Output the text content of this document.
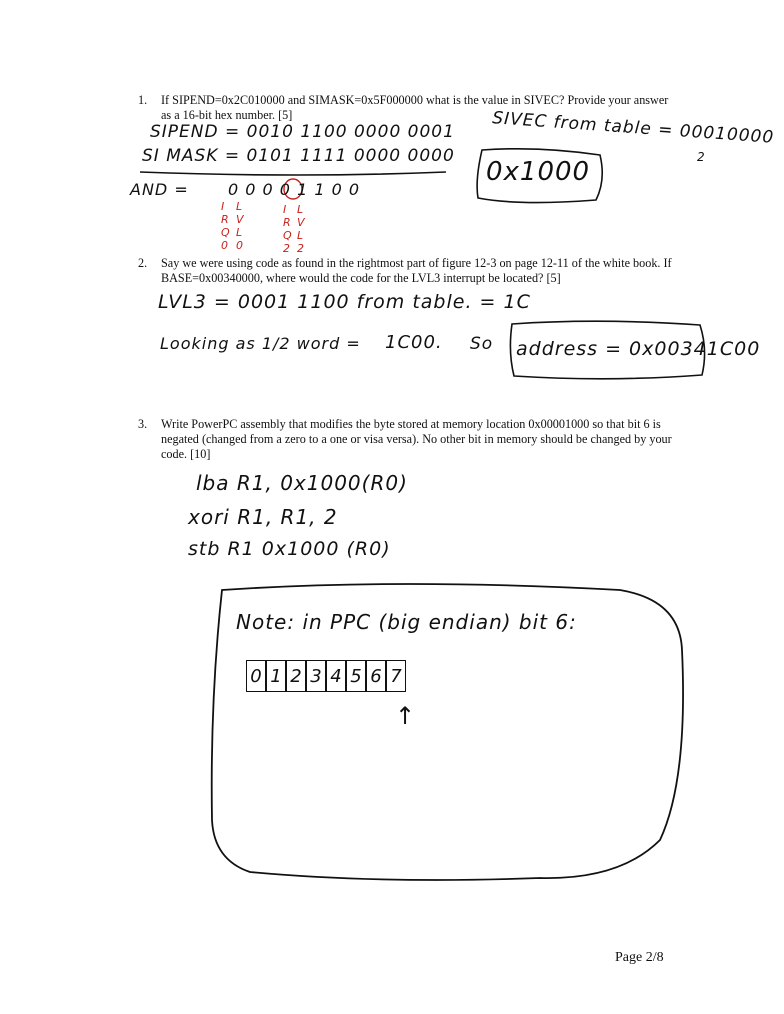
1. If SIPEND=0x2C010000 and SIMASK=0x5F000000 what is the value in SIVEC? Provide your answer as a 16-bit hex number. [5]
2. Say we were using code as found in the rightmost part of figure 12-3 on page 12-11 of the white book. If BASE=0x00340000, where would the code for the LVL3 interrupt be located? [5]
3. Write PowerPC assembly that modifies the byte stored at memory location 0x00001000 so that bit 6 is negated (changed from a zero to a one or visa versa). No other bit in memory should be changed by your code. [10]
SIPEND = 0010 1100 0000 0001
SI MASK = 0101 1111 0000 0000
AND = 0 0 0 0 1 1 0 0
SIVEC from table = 00010000
2
0x1000
I
R
Q
0
L
V
L
0
I
R
Q
2
L
V
L
2
LVL3 = 0001 1100 from table. = 1C
Looking as 1/2 word = 1C00. So address = 0x00341C00
lba R1, 0x1000(R0)
xori R1, R1, 2
stb R1 0x1000 (R0)
Note: in PPC (big endian) bit 6:
0 1 2 3 4 5 6 7
↑
Page 2/8
